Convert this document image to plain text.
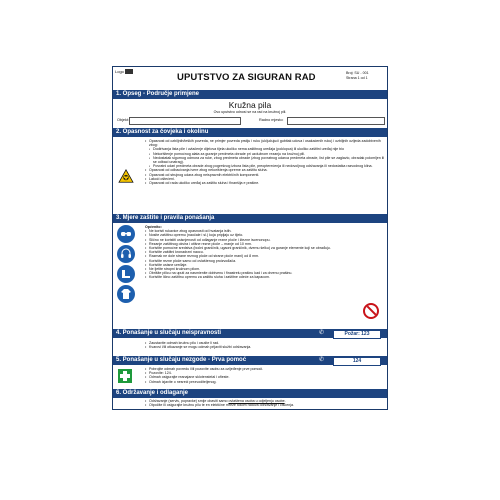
Logo
UPUTSTVO ZA SIGURAN RAD	Broj: SU - 001
Strana 1 od 1
1. Opseg - Područje primjene
Kružna pila
Ovo uputstvo odnosi se na rad na kružnoj pili.
Objekt:	Radno mjesto:
2. Opasnost za čovjeka i okolinu
• Opasnost od ozbiljnih/teških povreda, ne primjer povreda prstiju i ruku (uključujući gubitak udova i osakaćenih ruku) i ozbiljnih ozljeda zadobivenih zbog:
▪ Dodirivanja lista pile i uvlačenje dijelova tijela ukoliko nema zaštitnog uređaja (poklopca) ili ukoliko zaštitni uređaj nije bio
▪ Nekorištenje pomoćnog alata za guranje predmeta obrade pri uzdužnom rezanju na kružnoj pili.
▪ Nedostatak sigurnog odmora za ruke, zbog predmeta obrade (zbog povratnog udarca predmeta obrade, list pile se zaglavio, obradak polomljen ili se odbaci unatrag).
▪ Povratni udari predmeta obrade zbog pogrešnog izbora lista pile, preopterećenja ili nedovoljnog održavanja ili nedostatka razvodnog klina.
• Opasnost od odbacivanja ivere zbog nekorištenja opreme za zaštitu sluha.
• Opasnost od strujnog udara zbog neispravnih električnih komponenti.
• Lakoći oštećeni.
• Opasnost od rada ukoliko uređaj za zaštitu sluha i finanšija e prašine.
3. Mjere zaštite i pravila ponašanja
Općenito:
• Ne koristi rukavice zbog opasnosti od hvatanja istih.
• Nosite zaštitnu opremu (naočale i sl.) koja pripijaju uz tijelo.
• Slično ne koristiti usisnjenosti od odlaganje rezne ploče i žlezne iscenonopu.
• Rezanje zaštitnog okvira i otišne rezne ploče – manje od 10 mm.
• Koristite pomoćne sredstva (bočni graničnik, ugaoni graničnik, dvemu šelku) za guranje elemente koji se obrađuju.
• Koristite zaštitni kronadrzni naocu.
• Razmak ne dole strane reznog ploče od strane ploče mani) od 8 mm.
• Koristite rezne ploče samo od ovlaštenog proizvođača.
• Koristite usisne uređaje.
• Ne ljetite stropni kružnom pilom.
• Obrišite pilicu na uputi za nasmienite dobivenu i finastrelu prašinu kad i za drvenu prašinu.
• Koristite lično zaštitnu opremu za zaštitu sluha i zaštitne odeće za kapacom.
4. Ponašanje u slučaju neispravnosti	✆	Požar: 123
• Zaustavite odmah kružnu pilu i osušte li rad.
• Kvarovi i/ili otkazanje se mogu odmah prijaviti službi održavanja.
5. Ponašanje u slučaju nezgode - Prva pomoć	✆	124
• Pobrojite odmah povredu i/ili pozovite osobu za ozljeđenje prve pomoći.
• Pozovite: 124.
• Odmah osigurajte reanajane sklotenstelal i ofieste.
• Odmah izjavite o nesreći prezvoditeljenog.
6. Održavanje i odlaganje
• Održavanje (servis, popravke) smije obaviti samo ovlaštena osoba u odjeljenju osobe.
• Otpočite ili osigurajte kružnu pilu te en elektične mreže tokom radova održavanje i čišćenja.
